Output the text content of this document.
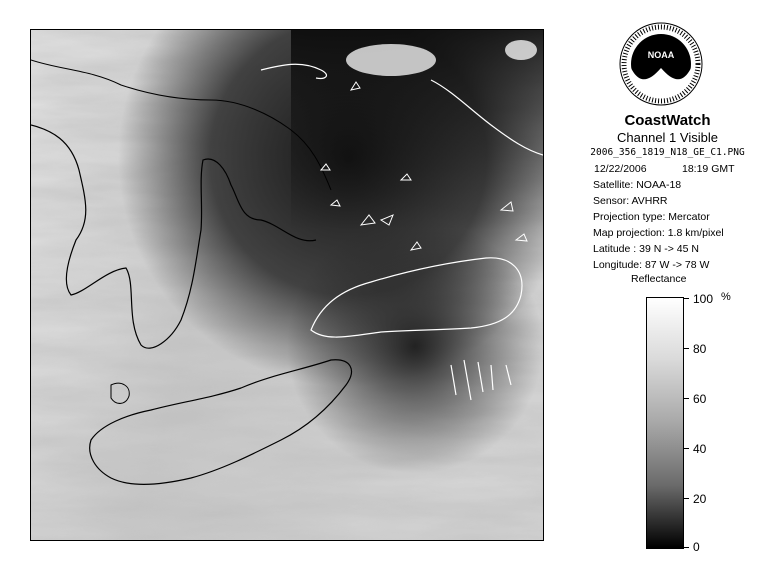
NOAA
CoastWatch
Channel 1 Visible
2006_356_1819_N18_GE_C1.PNG
12/22/2006	18:19 GMT
Satellite: NOAA-18
Sensor: AVHRR
Projection type: Mercator
Map projection: 1.8 km/pixel
Latitude : 39 N -> 45 N
Longitude: 87 W -> 78 W
Reflectance
%
100
80
60
40
20
0
